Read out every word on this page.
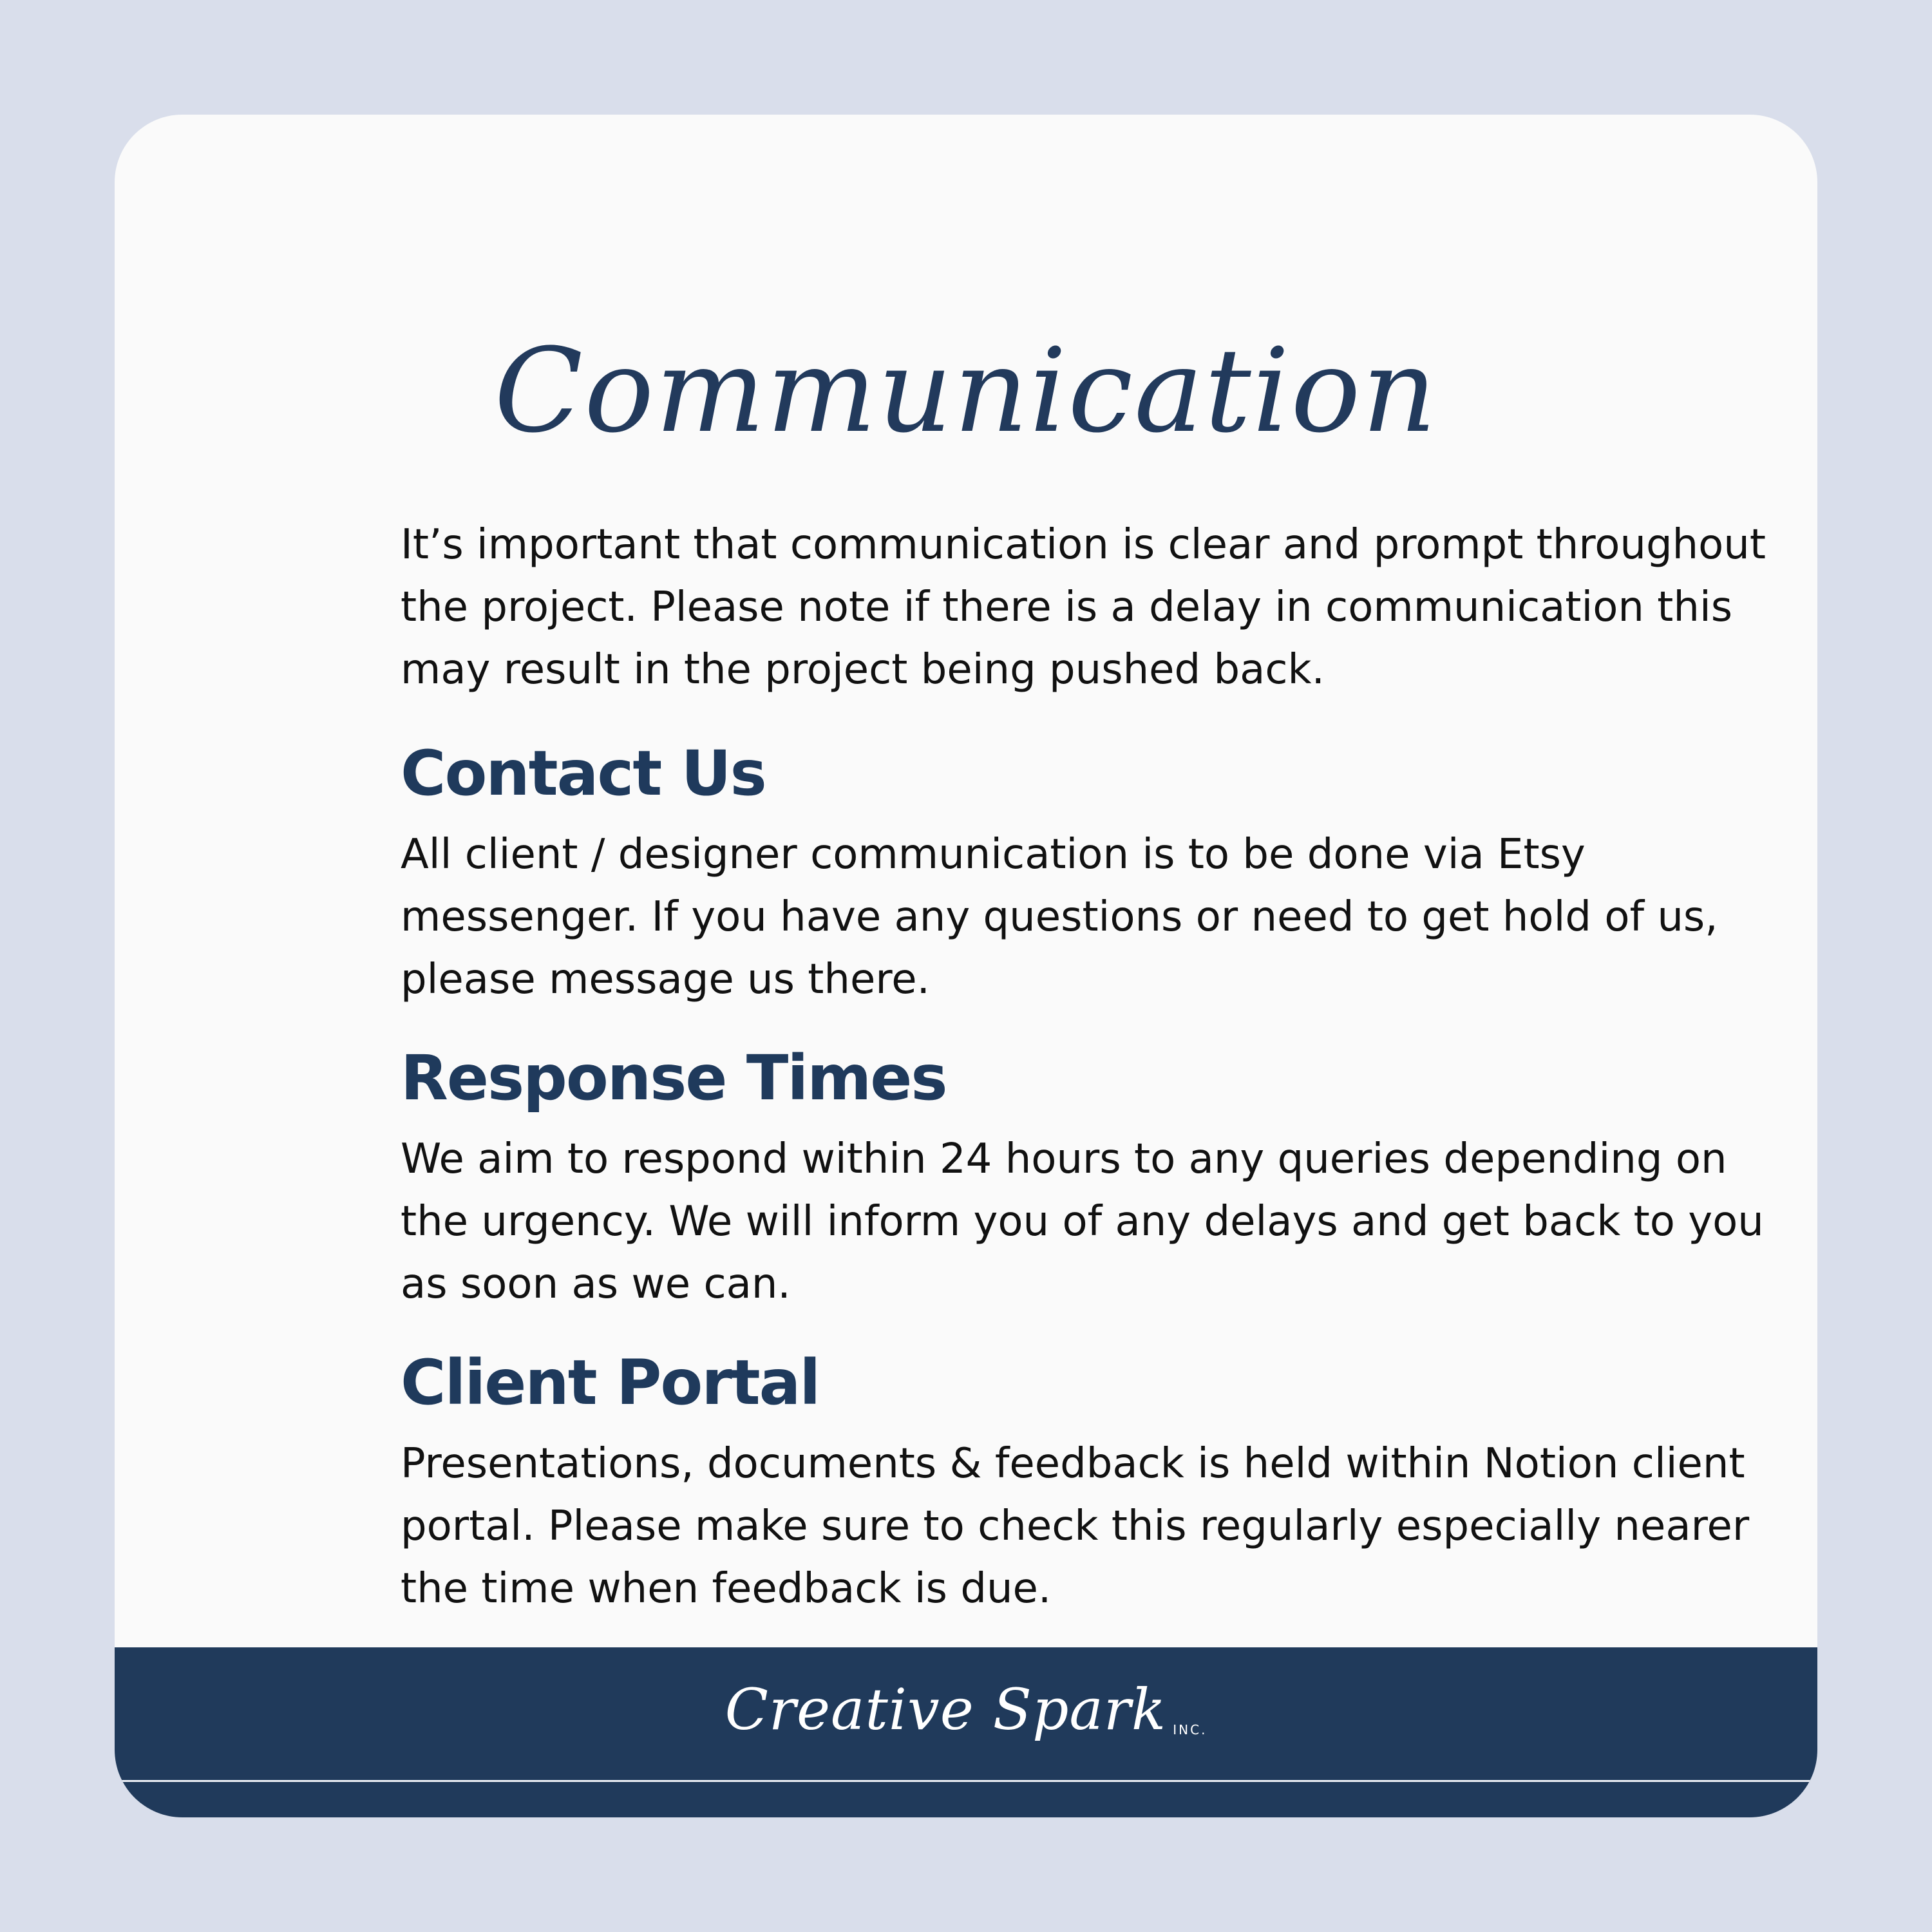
Communication

It’s important that communication is clear and prompt throughout the project. Please note if there is a delay in communication this may result in the project being pushed back.

Contact Us

All client / designer communication is to be done via Etsy messenger. If you have any questions or need to get hold of us, please message us there.

Response Times

We aim to respond within 24 hours to any queries depending on the urgency. We will inform you of any delays and get back to you as soon as we can.

Client Portal

Presentations, documents & feedback is held within Notion client portal. Please make sure to check this regularly especially nearer the time when feedback is due.

Creative Spark INC.
